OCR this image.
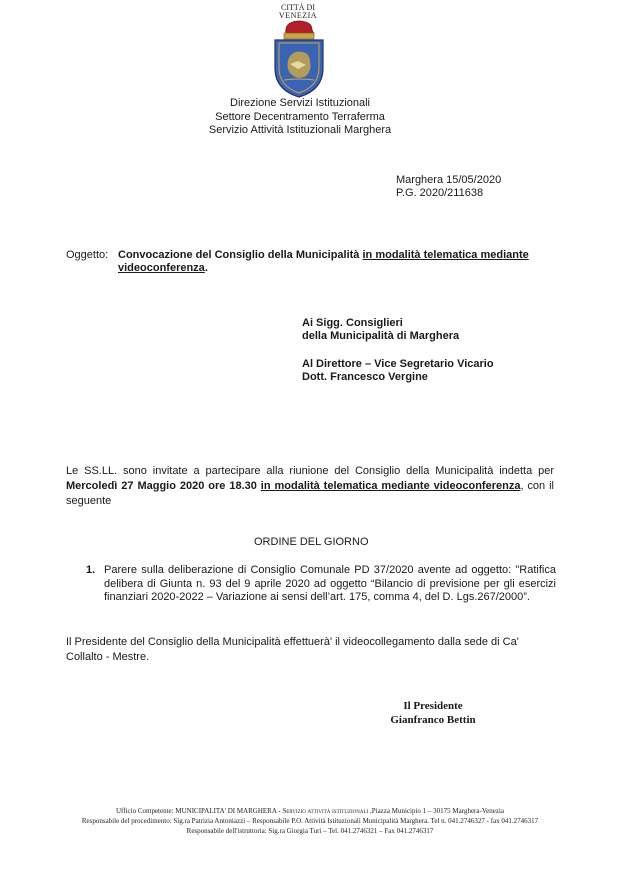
CITTÀ DI
VENEZIA
Direzione Servizi Istituzionali
Settore Decentramento Terraferma
Servizio Attività Istituzionali Marghera
Marghera 15/05/2020
P.G. 2020/211638
Oggetto: Convocazione del Consiglio della Municipalità in modalità telematica mediante videoconferenza.
Ai Sigg. Consiglieri
della Municipalità di Marghera
Al Direttore – Vice Segretario Vicario
Dott. Francesco Vergine
Le SS.LL. sono invitate a partecipare alla riunione del Consiglio della Municipalità indetta per Mercoledì 27 Maggio 2020 ore 18.30 in modalità telematica mediante videoconferenza, con il seguente
ORDINE DEL GIORNO
1. Parere sulla deliberazione di Consiglio Comunale PD 37/2020 avente ad oggetto: "Ratifica delibera di Giunta n. 93 del 9 aprile 2020 ad oggetto “Bilancio di previsione per gli esercizi finanziari 2020-2022 – Variazione ai sensi dell’art. 175, comma 4, del D. Lgs.267/2000”.
Il Presidente del Consiglio della Municipalità effettuerà' il videocollegamento dalla sede di Ca' Collalto - Mestre.
Il Presidente
Gianfranco Bettin
Ufficio Competente: MUNICIPALITA' DI MARGHERA - Servizio attività istituzionali ,Piazza Municipio 1 – 30175 Marghera-Venezia
Responsabile del procedimento: Sig.ra Patrizia Antoniazzi – Responsabile P.O. Attività Istituzionali Municipalità Marghera. Tel n. 041.2746327 - fax 041.2746317
Responsabile dell'istruttoria: Sig.ra Giorgia Turi – Tel. 041.2746321 – Fax 041.2746317
